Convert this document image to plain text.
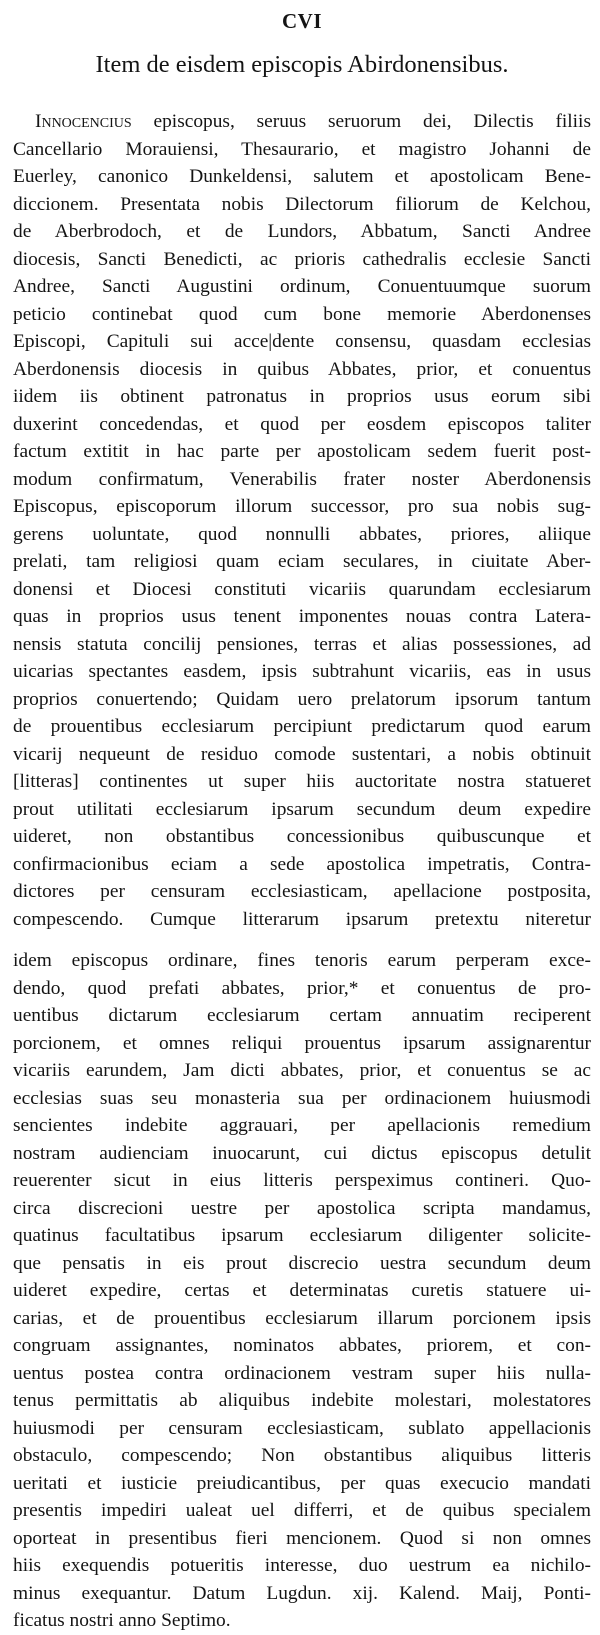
CVI
Item de eisdem episcopis Abirdonensibus.
Innocencius episcopus, seruus seruorum dei, Dilectis filiis
Cancellario Morauiensi, Thesaurario, et magistro Johanni de
Euerley, canonico Dunkeldensi, salutem et apostolicam Bene-
diccionem. Presentata nobis Dilectorum filiorum de Kelchou,
de Aberbrodoch, et de Lundors, Abbatum, Sancti Andree
diocesis, Sancti Benedicti, ac prioris cathedralis ecclesie Sancti
Andree, Sancti Augustini ordinum, Conuentuumque suorum
peticio continebat quod cum bone memorie Aberdonenses
Episcopi, Capituli sui acce|dente consensu, quasdam ecclesias
Aberdonensis diocesis in quibus Abbates, prior, et conuentus
iidem iis obtinent patronatus in proprios usus eorum sibi
duxerint concedendas, et quod per eosdem episcopos taliter
factum extitit in hac parte per apostolicam sedem fuerit post-
modum confirmatum, Venerabilis frater noster Aberdonensis
Episcopus, episcoporum illorum successor, pro sua nobis sug-
gerens uoluntate, quod nonnulli abbates, priores, aliique
prelati, tam religiosi quam eciam seculares, in ciuitate Aber-
donensi et Diocesi constituti vicariis quarundam ecclesiarum
quas in proprios usus tenent imponentes nouas contra Latera-
nensis statuta concilij pensiones, terras et alias possessiones, ad
uicarias spectantes easdem, ipsis subtrahunt vicariis, eas in usus
proprios conuertendo; Quidam uero prelatorum ipsorum tantum
de prouentibus ecclesiarum percipiunt predictarum quod earum
vicarij nequeunt de residuo comode sustentari, a nobis obtinuit
[litteras] continentes ut super hiis auctoritate nostra statueret
prout utilitati ecclesiarum ipsarum secundum deum expedire
uideret, non obstantibus concessionibus quibuscunque et
confirmacionibus eciam a sede apostolica impetratis, Contra-
dictores per censuram ecclesiasticam, apellacione postposita,
compescendo. Cumque litterarum ipsarum pretextu niteretur
idem episcopus ordinare, fines tenoris earum perperam exce-
dendo, quod prefati abbates, prior,* et conuentus de pro-
uentibus dictarum ecclesiarum certam annuatim reciperent
porcionem, et omnes reliqui prouentus ipsarum assignarentur
vicariis earundem, Jam dicti abbates, prior, et conuentus se ac
ecclesias suas seu monasteria sua per ordinacionem huiusmodi
sencientes indebite aggrauari, per apellacionis remedium
nostram audienciam inuocarunt, cui dictus episcopus detulit
reuerenter sicut in eius litteris perspeximus contineri. Quo-
circa discrecioni uestre per apostolica scripta mandamus,
quatinus facultatibus ipsarum ecclesiarum diligenter solicite-
que pensatis in eis prout discrecio uestra secundum deum
uideret expedire, certas et determinatas curetis statuere ui-
carias, et de prouentibus ecclesiarum illarum porcionem ipsis
congruam assignantes, nominatos abbates, priorem, et con-
uentus postea contra ordinacionem vestram super hiis nulla-
tenus permittatis ab aliquibus indebite molestari, molestatores
huiusmodi per censuram ecclesiasticam, sublato appellacionis
obstaculo, compescendo; Non obstantibus aliquibus litteris
ueritati et iusticie preiudicantibus, per quas execucio mandati
presentis impediri ualeat uel differri, et de quibus specialem
oporteat in presentibus fieri mencionem. Quod si non omnes
hiis exequendis potueritis interesse, duo uestrum ea nichilo-
minus exequantur. Datum Lugdun. xij. Kalend. Maij, Ponti-
ficatus nostri anno Septimo.
